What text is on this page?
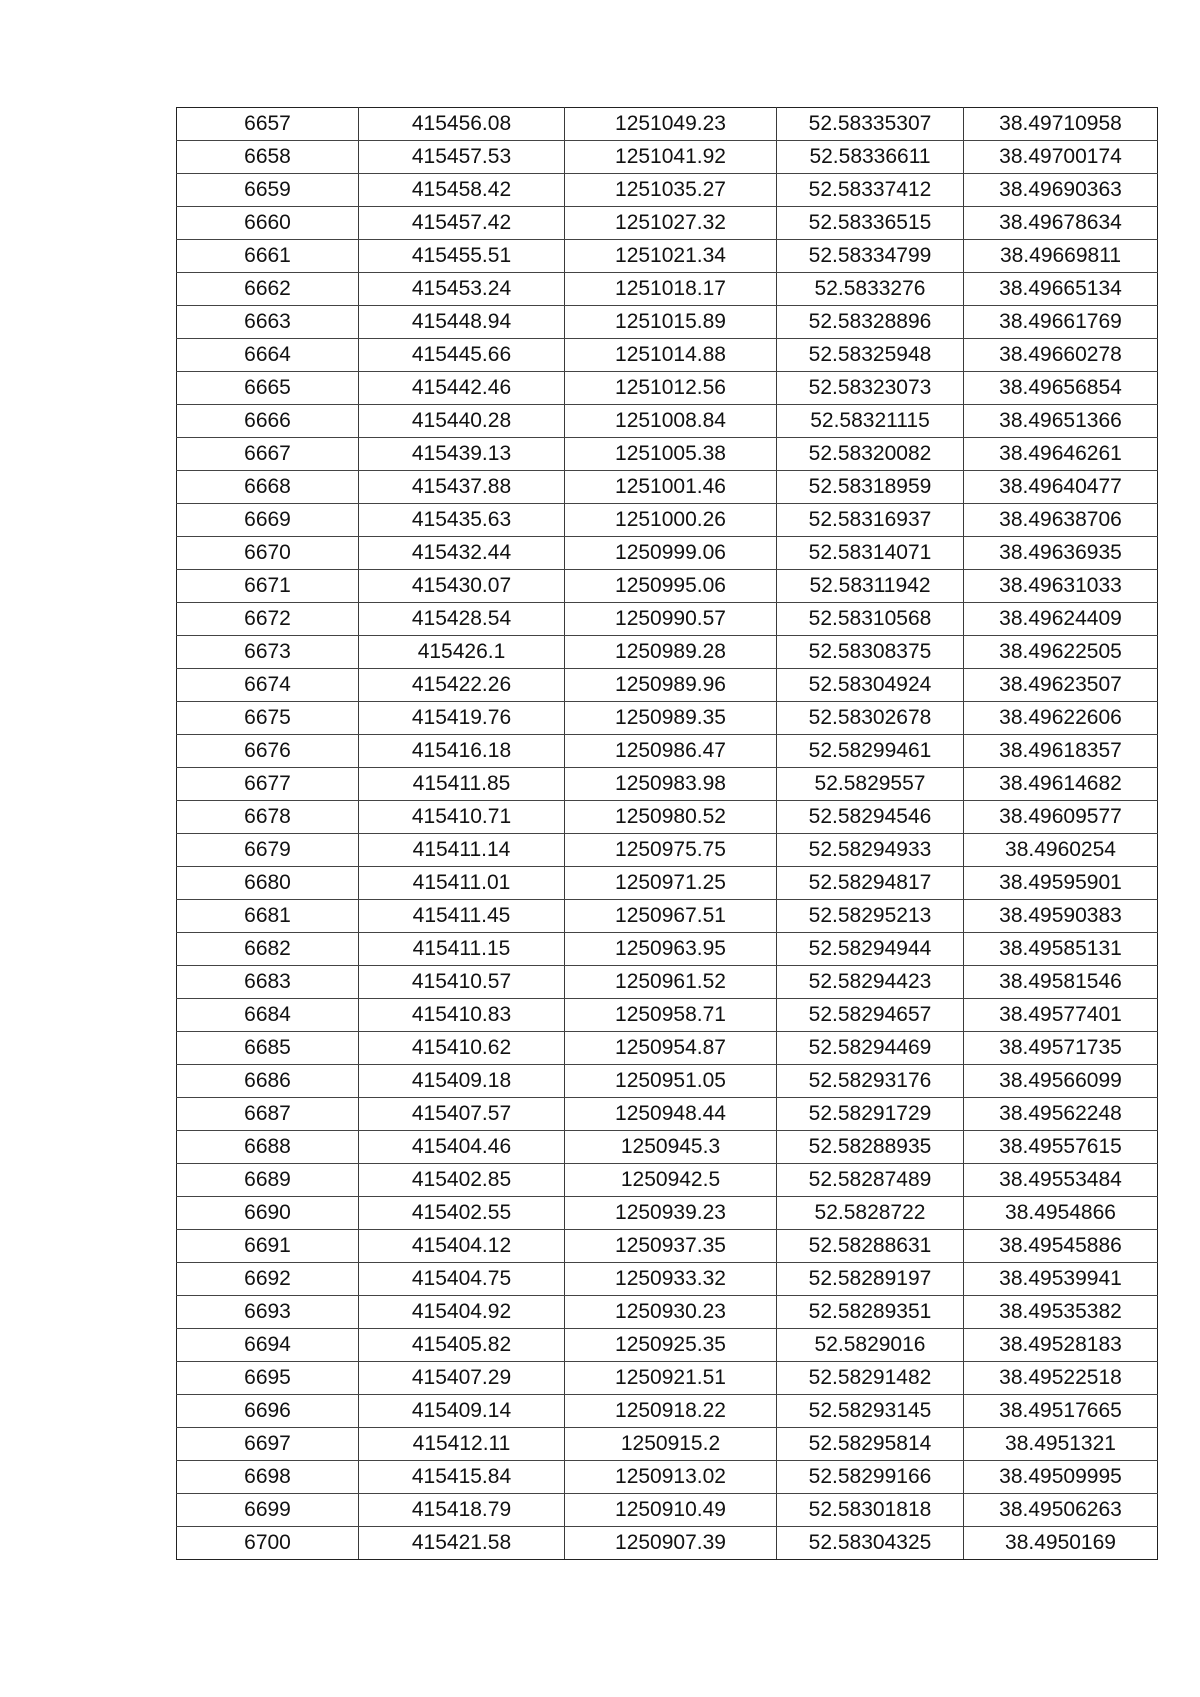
6657	415456.08	1251049.23	52.58335307	38.49710958
6658	415457.53	1251041.92	52.58336611	38.49700174
6659	415458.42	1251035.27	52.58337412	38.49690363
6660	415457.42	1251027.32	52.58336515	38.49678634
6661	415455.51	1251021.34	52.58334799	38.49669811
6662	415453.24	1251018.17	52.5833276	38.49665134
6663	415448.94	1251015.89	52.58328896	38.49661769
6664	415445.66	1251014.88	52.58325948	38.49660278
6665	415442.46	1251012.56	52.58323073	38.49656854
6666	415440.28	1251008.84	52.58321115	38.49651366
6667	415439.13	1251005.38	52.58320082	38.49646261
6668	415437.88	1251001.46	52.58318959	38.49640477
6669	415435.63	1251000.26	52.58316937	38.49638706
6670	415432.44	1250999.06	52.58314071	38.49636935
6671	415430.07	1250995.06	52.58311942	38.49631033
6672	415428.54	1250990.57	52.58310568	38.49624409
6673	415426.1	1250989.28	52.58308375	38.49622505
6674	415422.26	1250989.96	52.58304924	38.49623507
6675	415419.76	1250989.35	52.58302678	38.49622606
6676	415416.18	1250986.47	52.58299461	38.49618357
6677	415411.85	1250983.98	52.5829557	38.49614682
6678	415410.71	1250980.52	52.58294546	38.49609577
6679	415411.14	1250975.75	52.58294933	38.4960254
6680	415411.01	1250971.25	52.58294817	38.49595901
6681	415411.45	1250967.51	52.58295213	38.49590383
6682	415411.15	1250963.95	52.58294944	38.49585131
6683	415410.57	1250961.52	52.58294423	38.49581546
6684	415410.83	1250958.71	52.58294657	38.49577401
6685	415410.62	1250954.87	52.58294469	38.49571735
6686	415409.18	1250951.05	52.58293176	38.49566099
6687	415407.57	1250948.44	52.58291729	38.49562248
6688	415404.46	1250945.3	52.58288935	38.49557615
6689	415402.85	1250942.5	52.58287489	38.49553484
6690	415402.55	1250939.23	52.5828722	38.4954866
6691	415404.12	1250937.35	52.58288631	38.49545886
6692	415404.75	1250933.32	52.58289197	38.49539941
6693	415404.92	1250930.23	52.58289351	38.49535382
6694	415405.82	1250925.35	52.5829016	38.49528183
6695	415407.29	1250921.51	52.58291482	38.49522518
6696	415409.14	1250918.22	52.58293145	38.49517665
6697	415412.11	1250915.2	52.58295814	38.4951321
6698	415415.84	1250913.02	52.58299166	38.49509995
6699	415418.79	1250910.49	52.58301818	38.49506263
6700	415421.58	1250907.39	52.58304325	38.4950169
